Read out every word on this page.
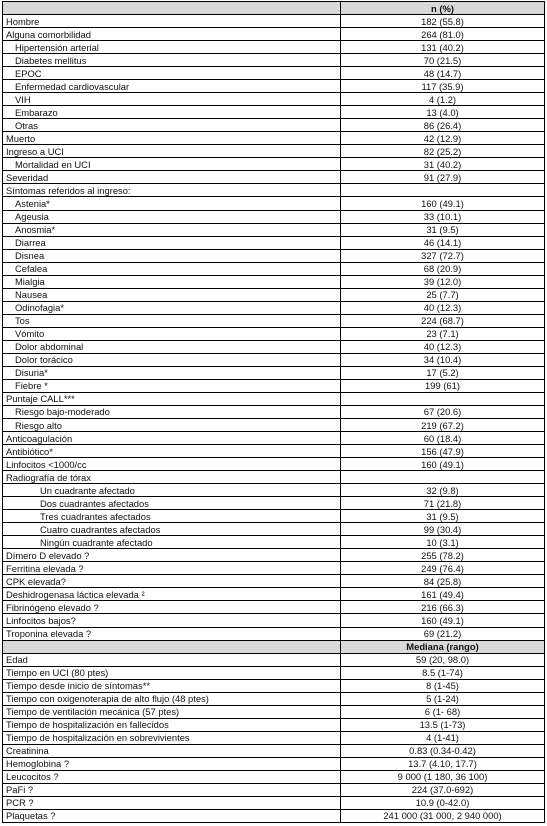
	n (%)
Hombre	182 (55.8)
Alguna comorbilidad	264 (81.0)
Hipertensión arterial	131 (40.2)
Diabetes mellitus	70 (21.5)
EPOC	48 (14.7)
Enfermedad cardiovascular	117 (35.9)
VIH	4 (1.2)
Embarazo	13 (4.0)
Otras	86 (26.4)
Muerto	42 (12.9)
Ingreso a UCI	82 (25.2)
Mortalidad en UCI	31 (40.2)
Severidad	91 (27.9)
Síntomas referidos al ingreso:	
Astenia*	160 (49.1)
Ageusia	33 (10.1)
Anosmia*	31 (9.5)
Diarrea	46 (14.1)
Disnea	327 (72.7)
Cefalea	68 (20.9)
Mialgia	39 (12.0)
Nausea	25 (7.7)
Odinofagia*	40 (12.3)
Tos	224 (68.7)
Vómito	23 (7.1)
Dolor abdominal	40 (12.3)
Dolor torácico	34 (10.4)
Disuria*	17 (5.2)
Fiebre *	199 (61)
Puntaje CALL***	
Riesgo bajo-moderado	67 (20.6)
Riesgo alto	219 (67.2)
Anticoagulación	60 (18.4)
Antibiótico*	156 (47.9)
Linfocitos <1000/cc	160 (49.1)
Radiografía de tórax	
Un cuadrante afectado	32 (9.8)
Dos cuadrantes afectados	71 (21.8)
Tres cuadrantes afectados	31 (9.5)
Cuatro cuadrantes afectados	99 (30.4)
Ningún cuadrante afectado	10 (3.1)
Dímero D elevado ?	255 (78.2)
Ferritina elevada ?	249 (76.4)
CPK elevada?	84 (25.8)
Deshidrogenasa láctica elevada ²	161 (49.4)
Fibrinógeno elevado ?	216 (66.3)
Linfocitos bajos?	160 (49.1)
Troponina elevada ?	69 (21.2)
	Mediana (rango)
Edad	59 (20, 98.0)
Tiempo en UCI (80 ptes)	8.5 (1-74)
Tiempo desde inicio de síntomas**	8 (1-45)
Tiempo con oxigenoterapia de alto flujo (48 ptes)	5 (1-24)
Tiempo de ventilación mecánica (57 ptes)	6 (1- 68)
Tiempo de hospitalización en fallecidos	13.5 (1-73)
Tiempo de hospitalización en sobrevivientes	4 (1-41)
Creatinina	0.83 (0.34-0.42)
Hemoglobina ?	13.7 (4.10, 17.7)
Leucocitos ?	9 000 (1 180, 36 100)
PaFi ?	224 (37.0-692)
PCR ?	10.9 (0-42.0)
Plaquetas ?	241 000 (31 000, 2 940 000)
